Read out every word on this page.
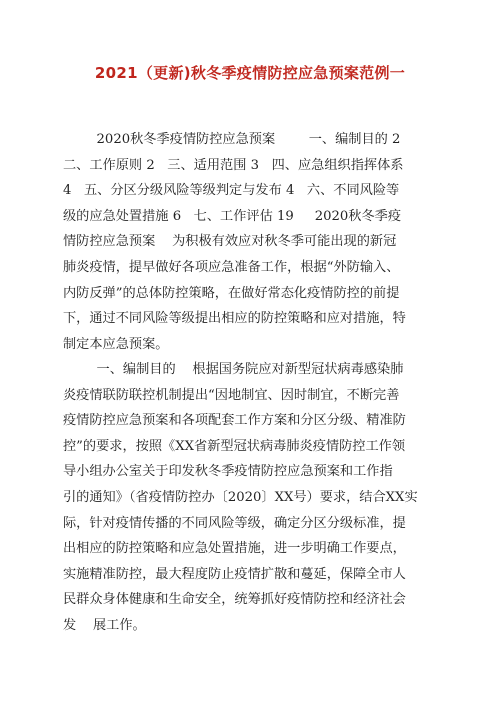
2021（更新)秋冬季疫情防控应急预案范例一
2020秋冬季疫情防控应急预案        一、编制目的 2
二、工作原则 2   三、适用范围 3   四、应急组织指挥体系
4   五、分区分级风险等级判定与发布 4   六、不同风险等
级的应急处置措施 6   七、工作评估 19     2020秋冬季疫
情防控应急预案    为积极有效应对秋冬季可能出现的新冠
肺炎疫情，提早做好各项应急准备工作，根据“外防输入、
内防反弹”的总体防控策略，在做好常态化疫情防控的前提
下，通过不同风险等级提出相应的防控策略和应对措施，特
制定本应急预案。
一、编制目的    根据国务院应对新型冠状病毒感染肺
炎疫情联防联控机制提出“因地制宜、因时制宜，不断完善
疫情防控应急预案和各项配套工作方案和分区分级、精准防
控”的要求，按照《XX省新型冠状病毒肺炎疫情防控工作领
导小组办公室关于印发秋冬季疫情防控应急预案和工作指
引的通知》（省疫情防控办〔2020〕XX号）要求，结合XX实
际，针对疫情传播的不同风险等级，确定分区分级标准，提
出相应的防控策略和应急处置措施，进一步明确工作要点，
实施精准防控，最大程度防止疫情扩散和蔓延，保障全市人
民群众身体健康和生命安全，统筹抓好疫情防控和经济社会
发    展工作。
